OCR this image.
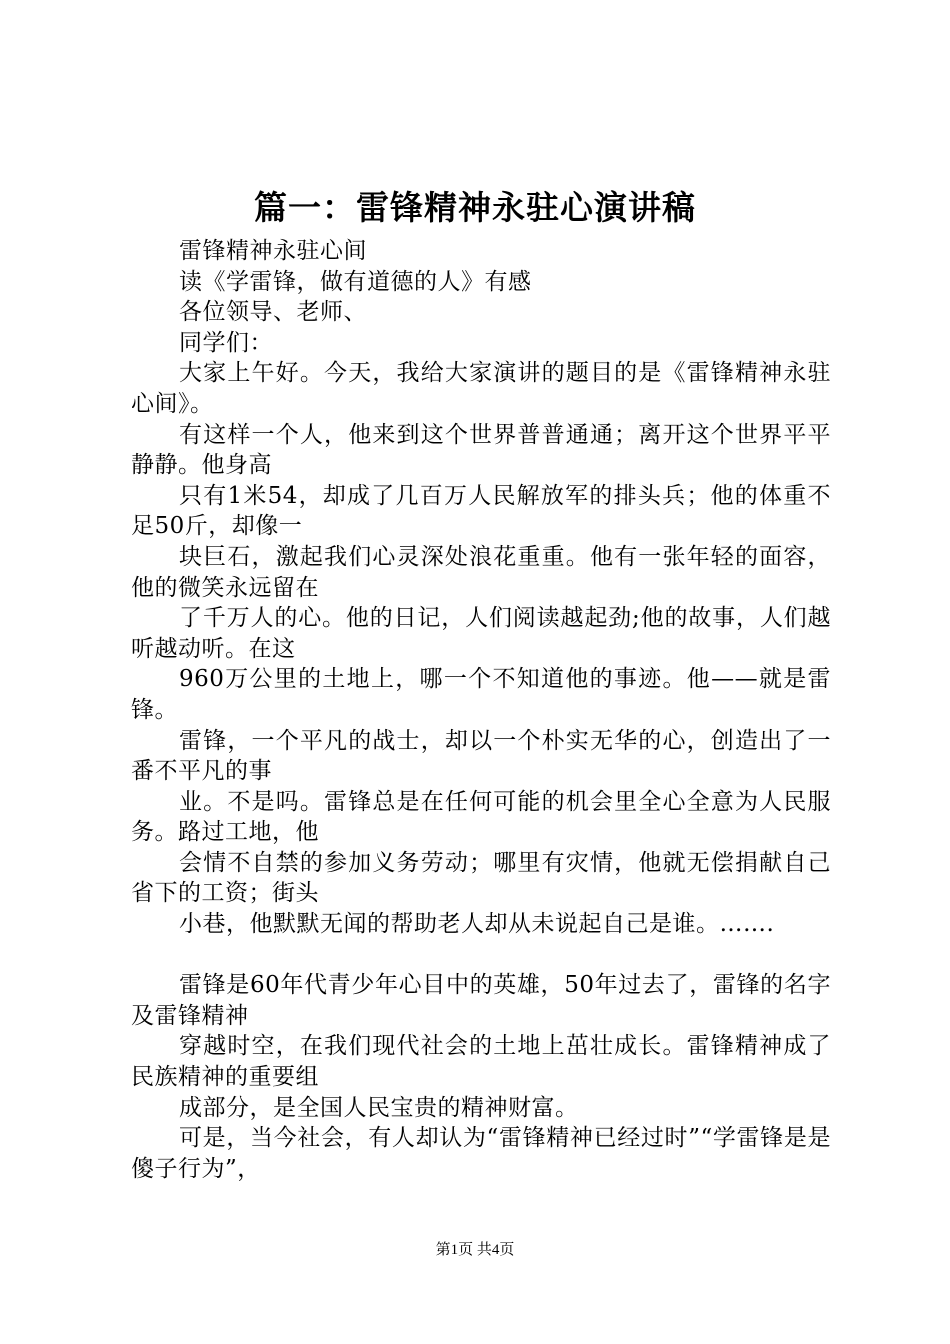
篇一：雷锋精神永驻心演讲稿

雷锋精神永驻心间

读《学雷锋，做有道德的人》有感

各位领导、老师、

同学们：

大家上午好。今天，我给大家演讲的题目的是《雷锋精神永驻心间》。

有这样一个人，他来到这个世界普普通通；离开这个世界平平静静。他身高

只有1米54，却成了几百万人民解放军的排头兵；他的体重不足50斤，却像一

块巨石，激起我们心灵深处浪花重重。他有一张年轻的面容，他的微笑永远留在

了千万人的心。他的日记，人们阅读越起劲;他的故事，人们越听越动听。在这

960万公里的土地上，哪一个不知道他的事迹。他——就是雷锋。

雷锋，一个平凡的战士，却以一个朴实无华的心，创造出了一番不平凡的事

业。不是吗。雷锋总是在任何可能的机会里全心全意为人民服务。路过工地，他

会情不自禁的参加义务劳动；哪里有灾情，他就无偿捐献自己省下的工资；街头

小巷，他默默无闻的帮助老人却从未说起自己是谁。…….

雷锋是60年代青少年心目中的英雄，50年过去了，雷锋的名字及雷锋精神

穿越时空，在我们现代社会的土地上茁壮成长。雷锋精神成了民族精神的重要组

成部分，是全国人民宝贵的精神财富。

可是，当今社会，有人却认为“雷锋精神已经过时”“学雷锋是是傻子行为”，

第1页 共4页
